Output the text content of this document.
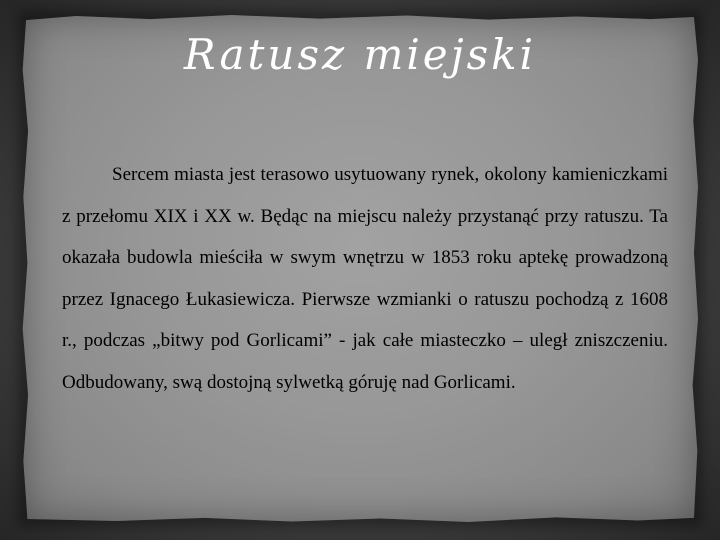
Ratusz miejski

Sercem miasta jest terasowo usytuowany rynek, okolony kamieniczkami z przełomu XIX i XX w. Będąc na miejscu należy przystanąć przy ratuszu. Ta okazała budowla mieściła w swym wnętrzu w 1853 roku aptekę prowadzoną przez Ignacego Łukasiewicza. Pierwsze wzmianki o ratuszu pochodzą z 1608 r., podczas „bitwy pod Gorlicami” - jak całe miasteczko – uległ zniszczeniu. Odbudowany, swą dostojną sylwetką góruję nad Gorlicami.
